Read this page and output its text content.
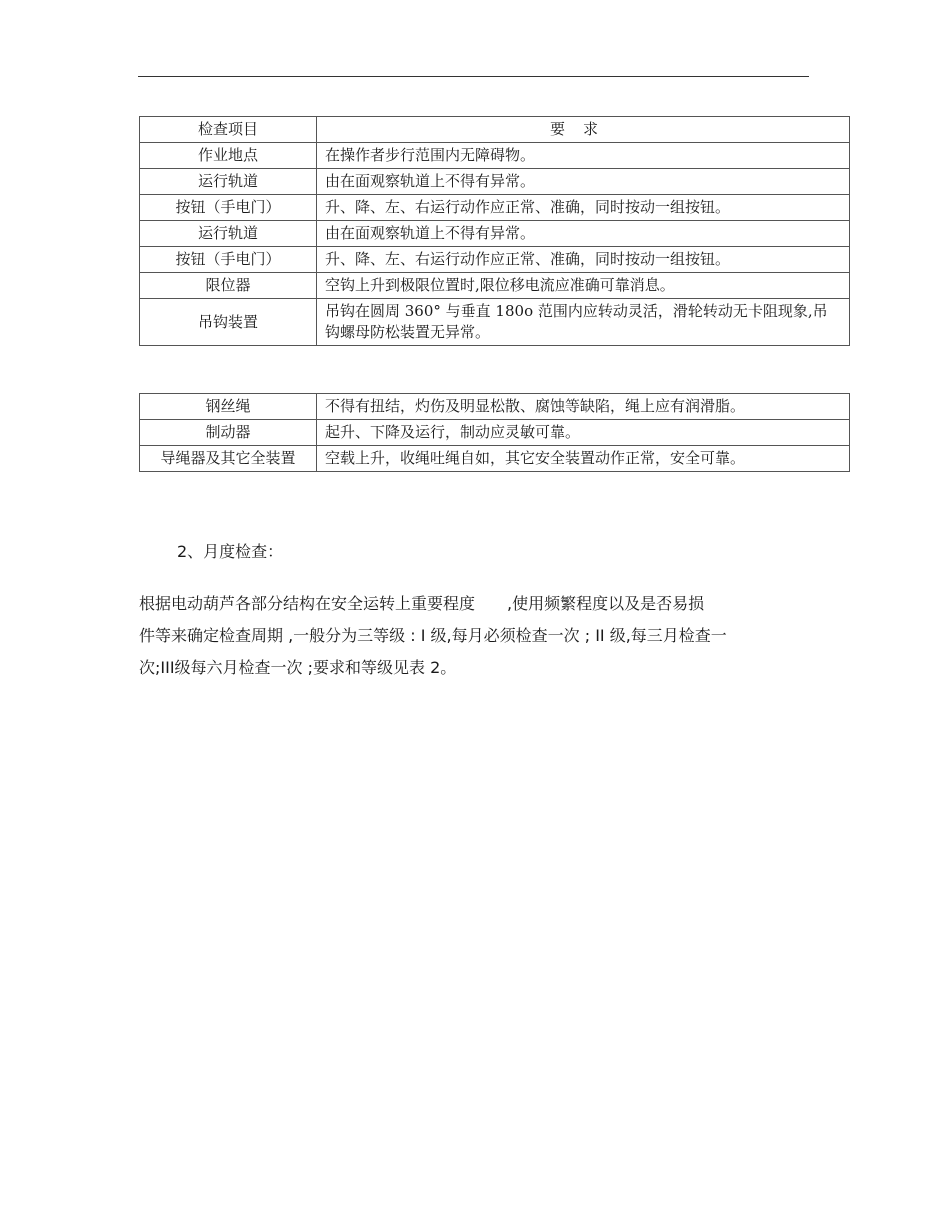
检查项目	要求
作业地点	在操作者步行范围内无障碍物。
运行轨道	由在面观察轨道上不得有异常。
按钮（手电门）	升、降、左、右运行动作应正常、准确，同时按动一组按钮。
运行轨道	由在面观察轨道上不得有异常。
按钮（手电门）	升、降、左、右运行动作应正常、准确，同时按动一组按钮。
限位器	空钩上升到极限位置时,限位移电流应准确可靠消息。
吊钩装置	吊钩在圆周 360° 与垂直 180o 范围内应转动灵活，滑轮转动无卡阻现象,吊钩螺母防松装置无异常。
钢丝绳	不得有扭结，灼伤及明显松散、腐蚀等缺陷，绳上应有润滑脂。
制动器	起升、下降及运行，制动应灵敏可靠。
导绳器及其它全装置	空载上升，收绳吐绳自如，其它安全装置动作正常，安全可靠。
2、月度检查：
根据电动葫芦各部分结构在安全运转上重要程度　　,使用频繁程度以及是否易损
件等来确定检查周期 ,一般分为三等级 : I 级,每月必须检查一次 ; II 级,每三月检查一
次;III级每六月检查一次 ;要求和等级见表 2。
